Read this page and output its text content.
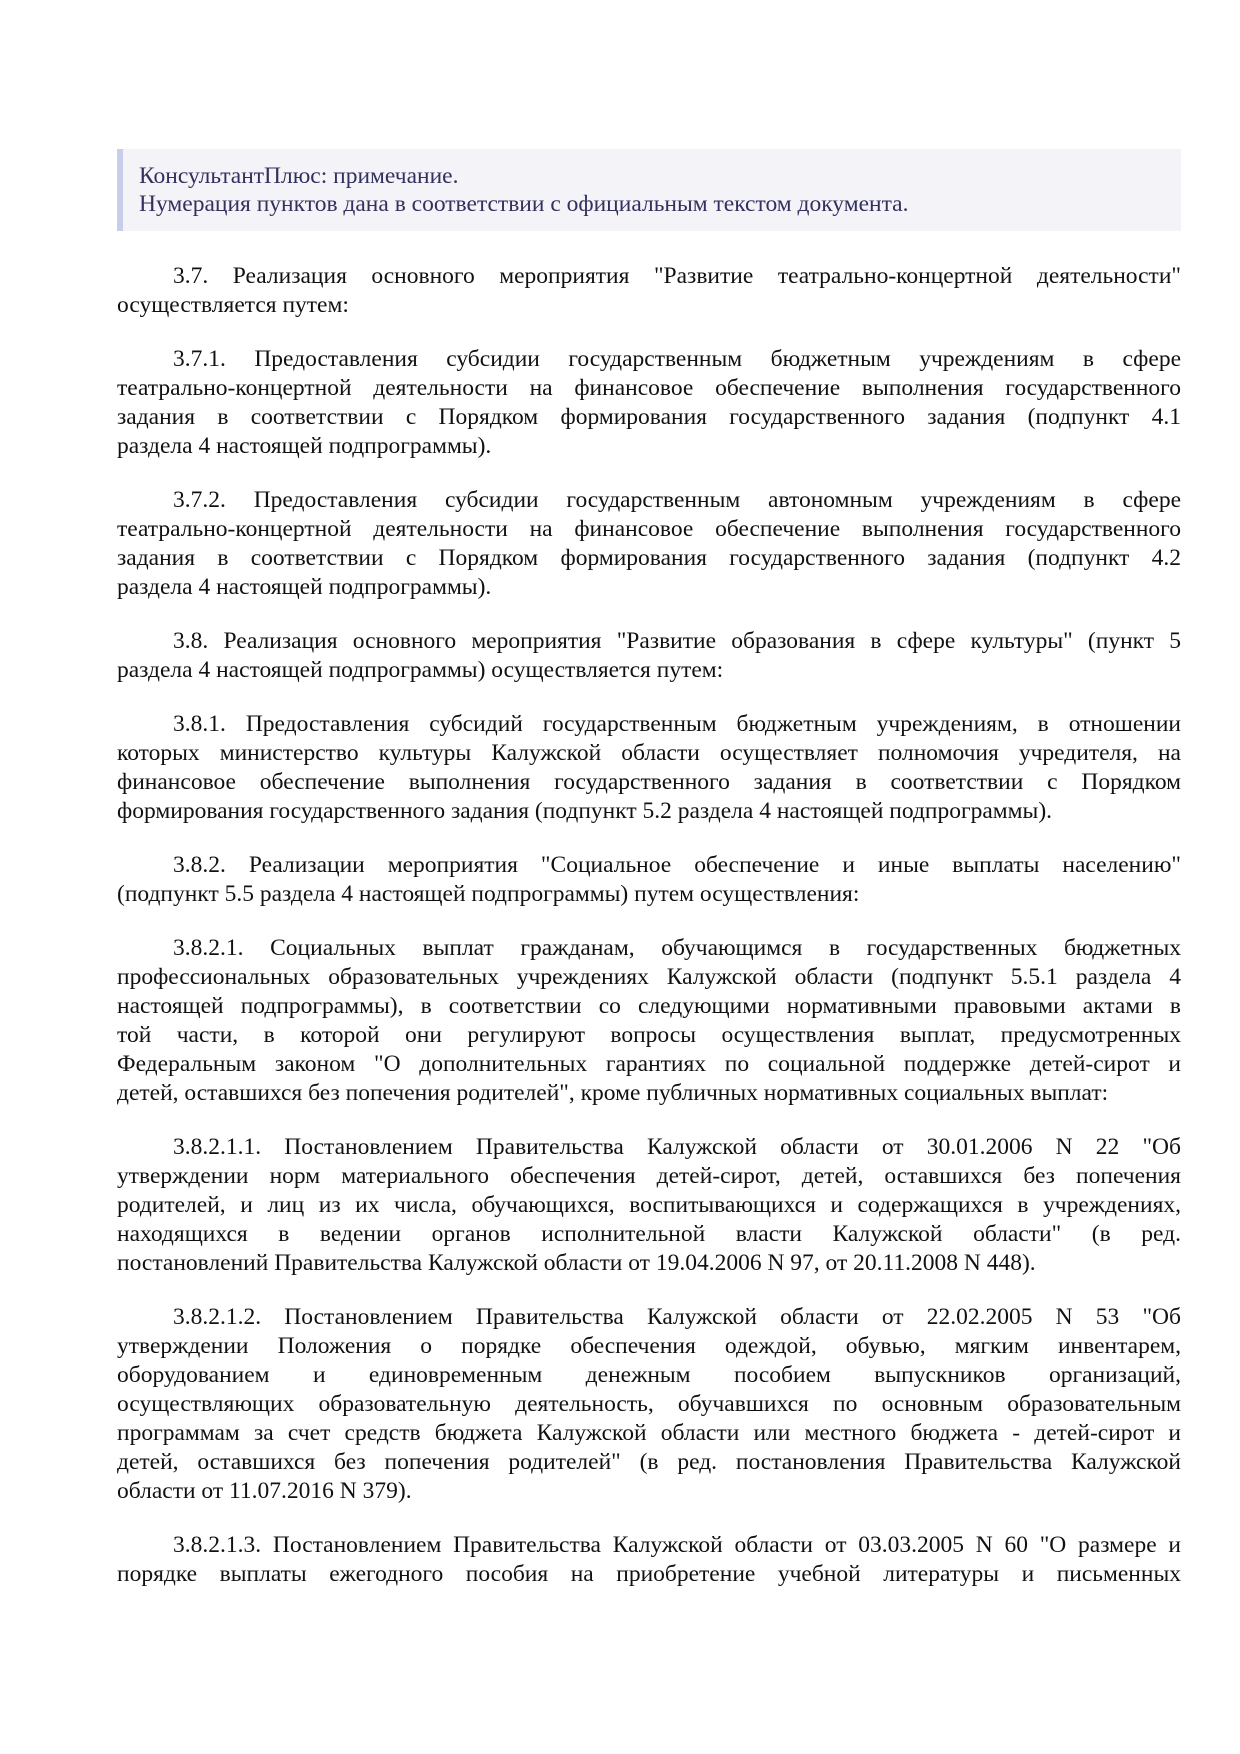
КонсультантПлюс: примечание.
Нумерация пунктов дана в соответствии с официальным текстом документа.
3.7. Реализация основного мероприятия "Развитие театрально-концертной деятельности"
осуществляется путем:
3.7.1. Предоставления субсидии государственным бюджетным учреждениям в сфере
театрально-концертной деятельности на финансовое обеспечение выполнения государственного
задания в соответствии с Порядком формирования государственного задания (подпункт 4.1
раздела 4 настоящей подпрограммы).
3.7.2. Предоставления субсидии государственным автономным учреждениям в сфере
театрально-концертной деятельности на финансовое обеспечение выполнения государственного
задания в соответствии с Порядком формирования государственного задания (подпункт 4.2
раздела 4 настоящей подпрограммы).
3.8. Реализация основного мероприятия "Развитие образования в сфере культуры" (пункт 5
раздела 4 настоящей подпрограммы) осуществляется путем:
3.8.1. Предоставления субсидий государственным бюджетным учреждениям, в отношении
которых министерство культуры Калужской области осуществляет полномочия учредителя, на
финансовое обеспечение выполнения государственного задания в соответствии с Порядком
формирования государственного задания (подпункт 5.2 раздела 4 настоящей подпрограммы).
3.8.2. Реализации мероприятия "Социальное обеспечение и иные выплаты населению"
(подпункт 5.5 раздела 4 настоящей подпрограммы) путем осуществления:
3.8.2.1. Социальных выплат гражданам, обучающимся в государственных бюджетных
профессиональных образовательных учреждениях Калужской области (подпункт 5.5.1 раздела 4
настоящей подпрограммы), в соответствии со следующими нормативными правовыми актами в
той части, в которой они регулируют вопросы осуществления выплат, предусмотренных
Федеральным законом "О дополнительных гарантиях по социальной поддержке детей-сирот и
детей, оставшихся без попечения родителей", кроме публичных нормативных социальных выплат:
3.8.2.1.1. Постановлением Правительства Калужской области от 30.01.2006 N 22 "Об
утверждении норм материального обеспечения детей-сирот, детей, оставшихся без попечения
родителей, и лиц из их числа, обучающихся, воспитывающихся и содержащихся в учреждениях,
находящихся в ведении органов исполнительной власти Калужской области" (в ред.
постановлений Правительства Калужской области от 19.04.2006 N 97, от 20.11.2008 N 448).
3.8.2.1.2. Постановлением Правительства Калужской области от 22.02.2005 N 53 "Об
утверждении Положения о порядке обеспечения одеждой, обувью, мягким инвентарем,
оборудованием и единовременным денежным пособием выпускников организаций,
осуществляющих образовательную деятельность, обучавшихся по основным образовательным
программам за счет средств бюджета Калужской области или местного бюджета - детей-сирот и
детей, оставшихся без попечения родителей" (в ред. постановления Правительства Калужской
области от 11.07.2016 N 379).
3.8.2.1.3. Постановлением Правительства Калужской области от 03.03.2005 N 60 "О размере и
порядке выплаты ежегодного пособия на приобретение учебной литературы и письменных
